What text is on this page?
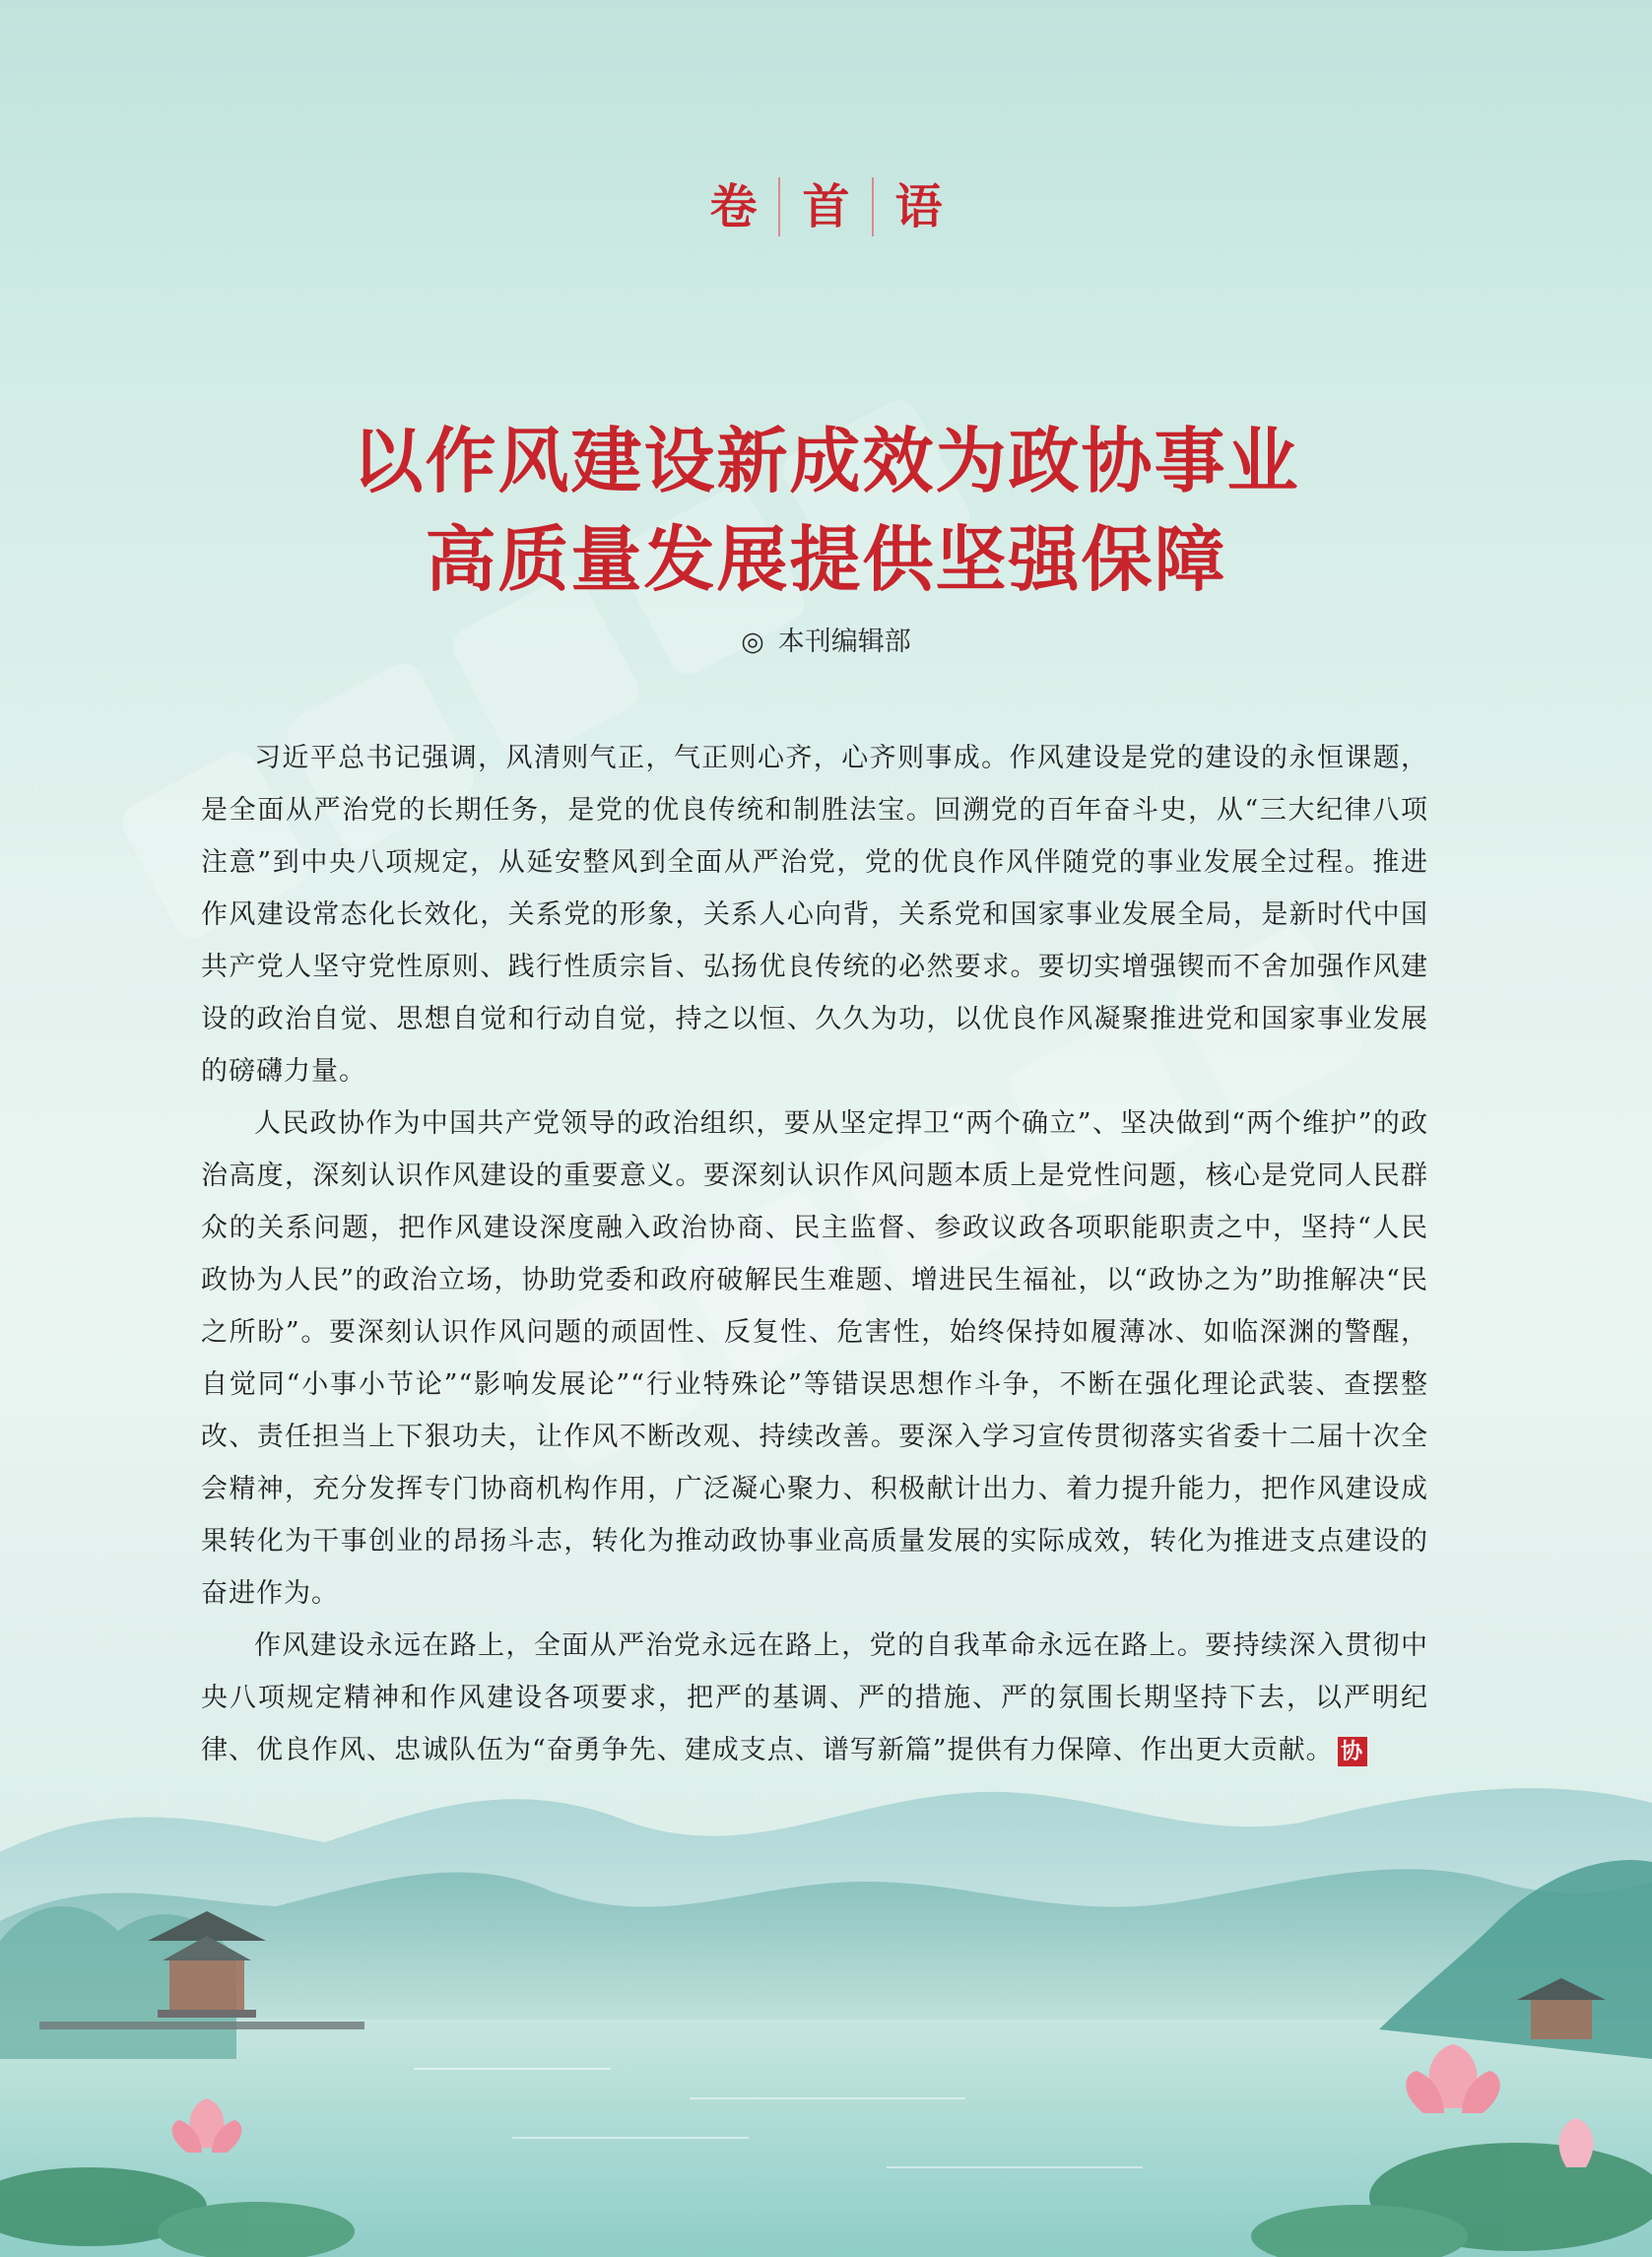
卷 首 语
以作风建设新成效为政协事业
高质量发展提供坚强保障
◎ 本刊编辑部

习近平总书记强调，风清则气正，气正则心齐，心齐则事成。作风建设是党的建设的永恒课题，是全面从严治党的长期任务，是党的优良传统和制胜法宝。回溯党的百年奋斗史，从“三大纪律八项注意”到中央八项规定，从延安整风到全面从严治党，党的优良作风伴随党的事业发展全过程。推进作风建设常态化长效化，关系党的形象，关系人心向背，关系党和国家事业发展全局，是新时代中国共产党人坚守党性原则、践行性质宗旨、弘扬优良传统的必然要求。要切实增强锲而不舍加强作风建设的政治自觉、思想自觉和行动自觉，持之以恒、久久为功，以优良作风凝聚推进党和国家事业发展的磅礴力量。

人民政协作为中国共产党领导的政治组织，要从坚定捍卫“两个确立”、坚决做到“两个维护”的政治高度，深刻认识作风建设的重要意义。要深刻认识作风问题本质上是党性问题，核心是党同人民群众的关系问题，把作风建设深度融入政治协商、民主监督、参政议政各项职能职责之中，坚持“人民政协为人民”的政治立场，协助党委和政府破解民生难题、增进民生福祉，以“政协之为”助推解决“民之所盼”。要深刻认识作风问题的顽固性、反复性、危害性，始终保持如履薄冰、如临深渊的警醒，自觉同“小事小节论”“影响发展论”“行业特殊论”等错误思想作斗争，不断在强化理论武装、查摆整改、责任担当上下狠功夫，让作风不断改观、持续改善。要深入学习宣传贯彻落实省委十二届十次全会精神，充分发挥专门协商机构作用，广泛凝心聚力、积极献计出力、着力提升能力，把作风建设成果转化为干事创业的昂扬斗志，转化为推动政协事业高质量发展的实际成效，转化为推进支点建设的奋进作为。

作风建设永远在路上，全面从严治党永远在路上，党的自我革命永远在路上。要持续深入贯彻中央八项规定精神和作风建设各项要求，把严的基调、严的措施、严的氛围长期坚持下去，以严明纪律、优良作风、忠诚队伍为“奋勇争先、建成支点、谱写新篇”提供有力保障、作出更大贡献。 协
